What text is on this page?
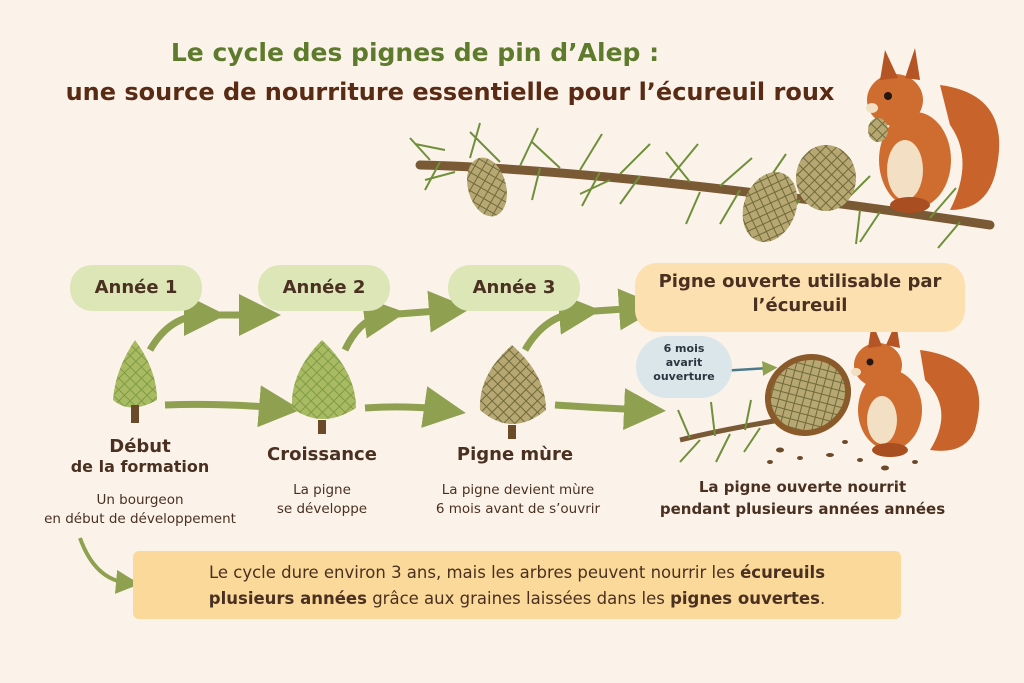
Le cycle des pignes de pin d’Alep :
une source de nourriture essentielle pour l’écureuil roux
Année 1	Année 2	Année 3	Pigne ouverte utilisable par
l’écureuil
6 mois
avarit
ouverture
Début
de la formation
Un bourgeon
en début de développement
Croissance
La pigne
se développe
Pigne mùre
La pigne devient mùre
6 mois avant de s’ouvrir
La pigne ouverte nourrit
pendant plusieurs années années
Le cycle dure environ 3 ans, mais les arbres peuvent nourrir les écureuils
plusieurs années grâce aux graines laissées dans les pignes ouvertes.
